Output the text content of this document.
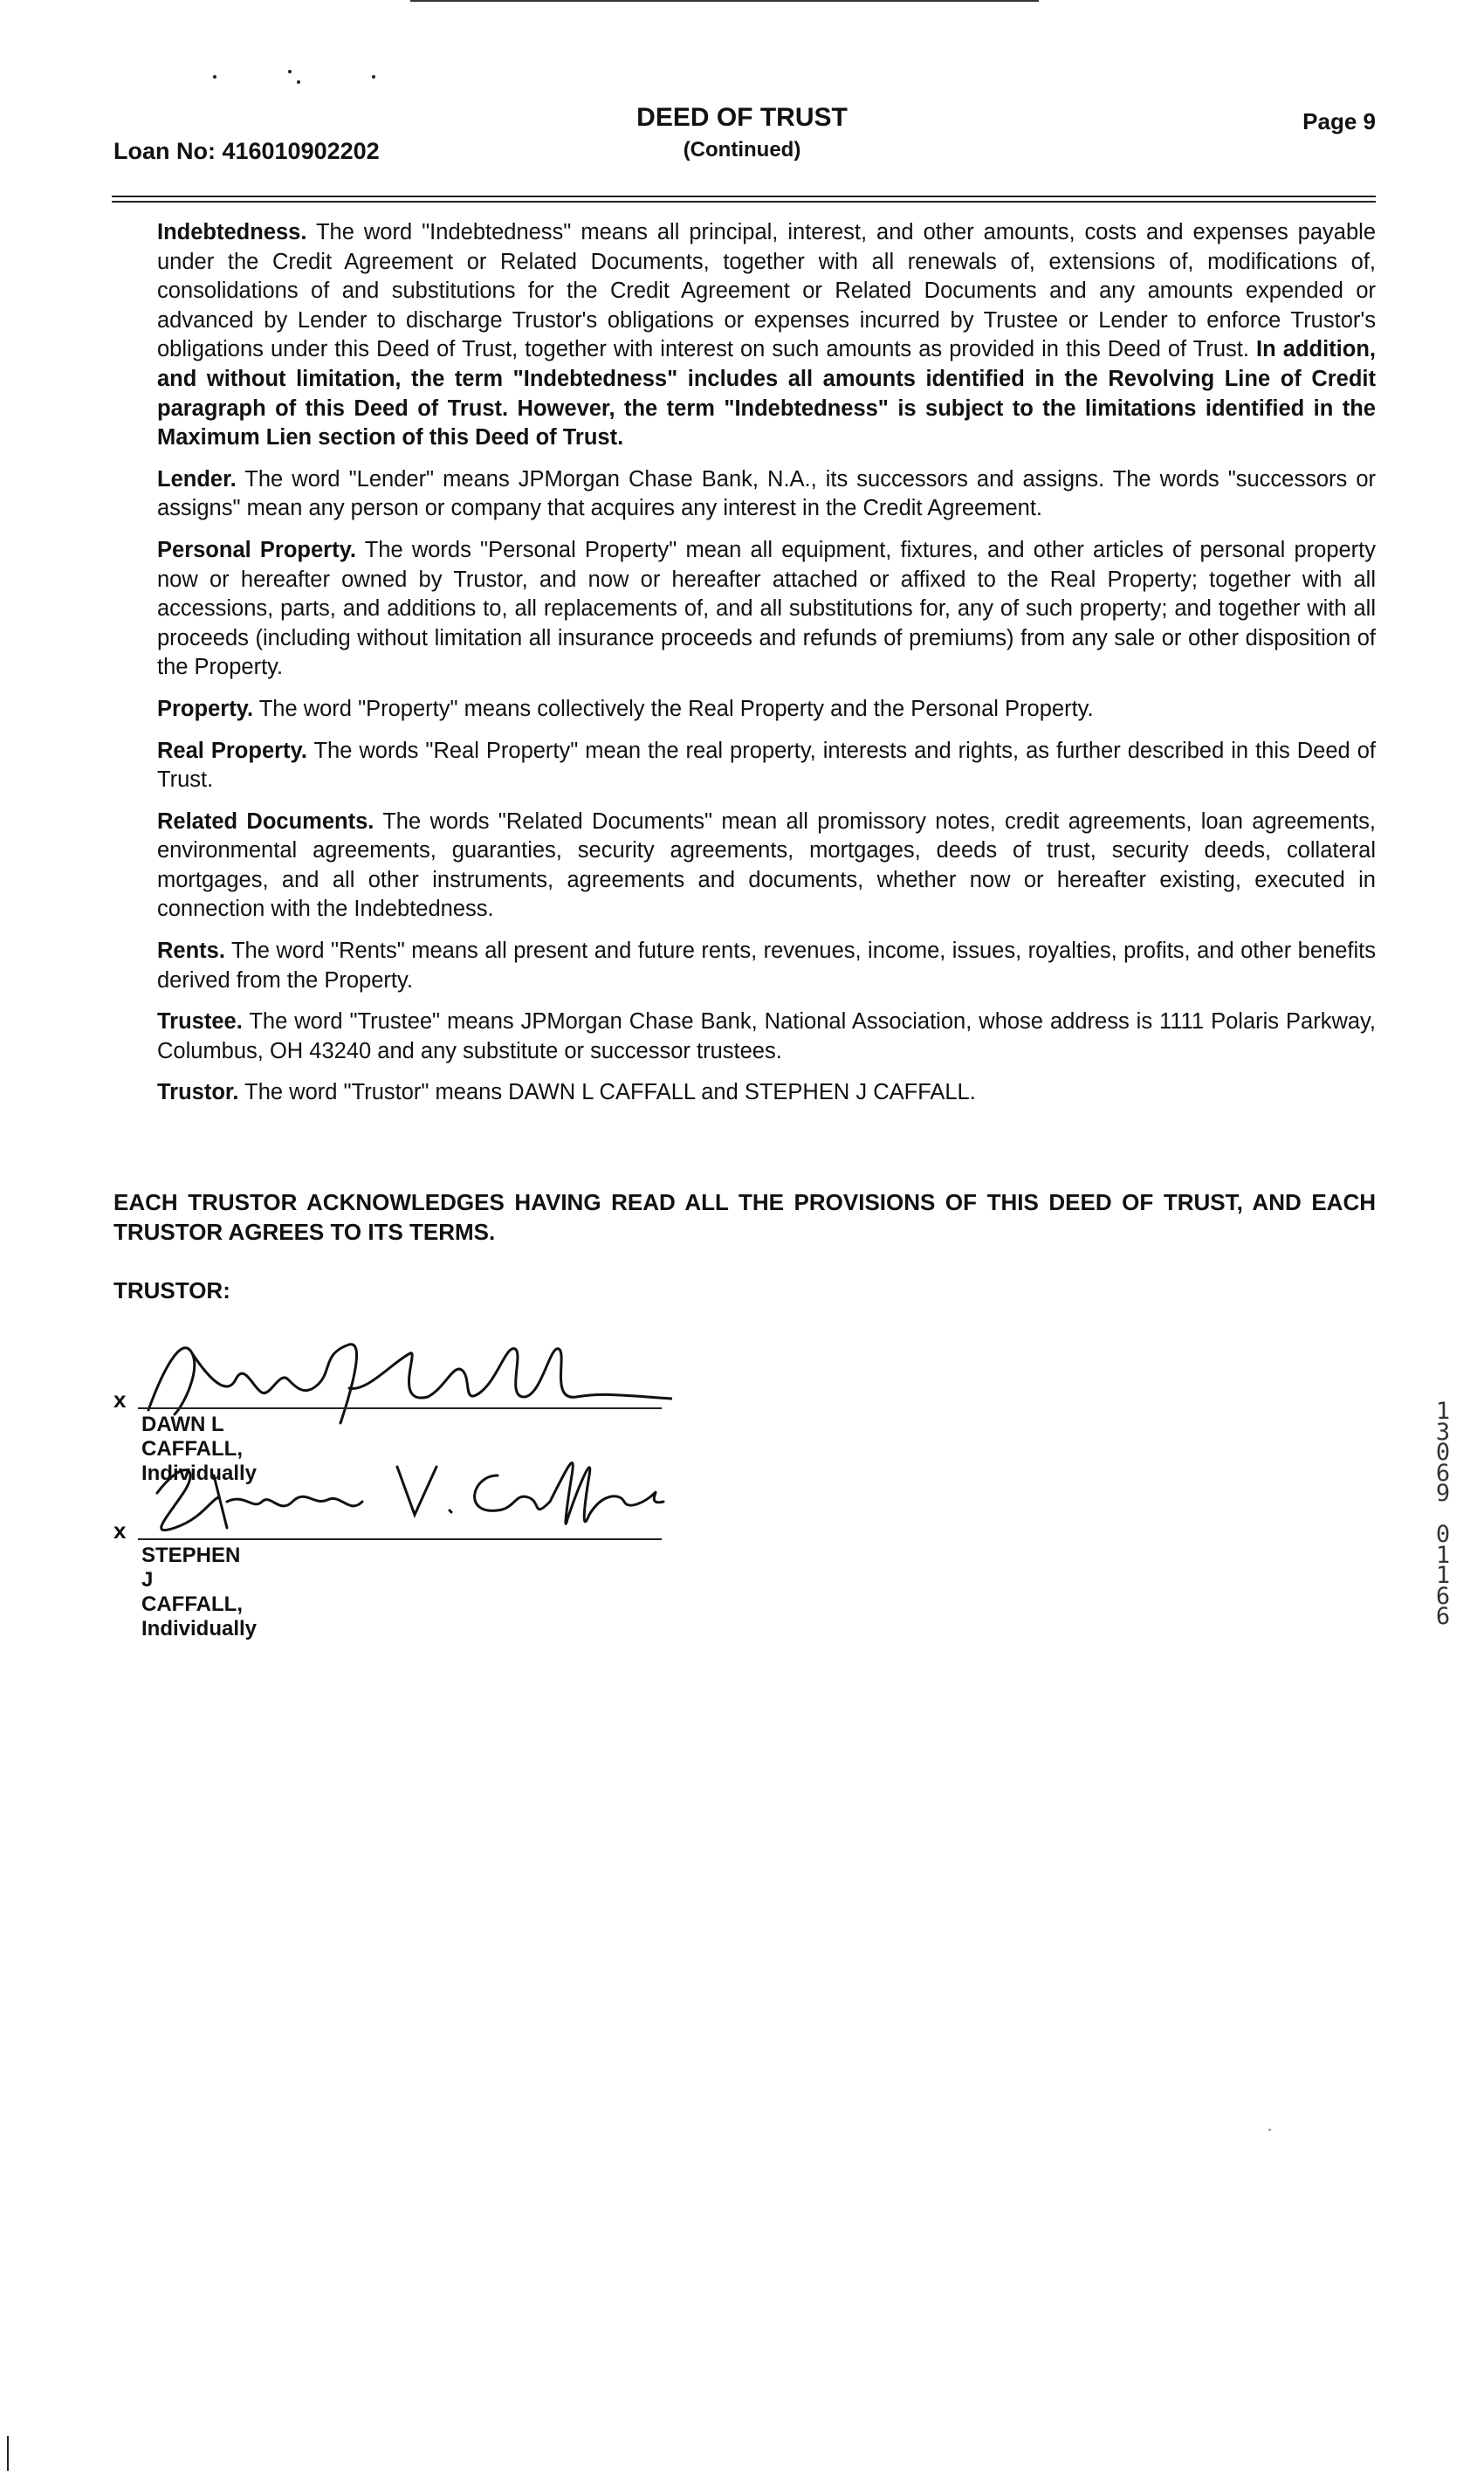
Loan No: 416010902202
DEED OF TRUST
(Continued)
Page 9

Indebtedness. The word "Indebtedness" means all principal, interest, and other amounts, costs and expenses payable under the Credit Agreement or Related Documents, together with all renewals of, extensions of, modifications of, consolidations of and substitutions for the Credit Agreement or Related Documents and any amounts expended or advanced by Lender to discharge Trustor's obligations or expenses incurred by Trustee or Lender to enforce Trustor's obligations under this Deed of Trust, together with interest on such amounts as provided in this Deed of Trust. In addition, and without limitation, the term "Indebtedness" includes all amounts identified in the Revolving Line of Credit paragraph of this Deed of Trust. However, the term "Indebtedness" is subject to the limitations identified in the Maximum Lien section of this Deed of Trust.

Lender. The word "Lender" means JPMorgan Chase Bank, N.A., its successors and assigns. The words "successors or assigns" mean any person or company that acquires any interest in the Credit Agreement.

Personal Property. The words "Personal Property" mean all equipment, fixtures, and other articles of personal property now or hereafter owned by Trustor, and now or hereafter attached or affixed to the Real Property; together with all accessions, parts, and additions to, all replacements of, and all substitutions for, any of such property; and together with all proceeds (including without limitation all insurance proceeds and refunds of premiums) from any sale or other disposition of the Property.

Property. The word "Property" means collectively the Real Property and the Personal Property.

Real Property. The words "Real Property" mean the real property, interests and rights, as further described in this Deed of Trust.

Related Documents. The words "Related Documents" mean all promissory notes, credit agreements, loan agreements, environmental agreements, guaranties, security agreements, mortgages, deeds of trust, security deeds, collateral mortgages, and all other instruments, agreements and documents, whether now or hereafter existing, executed in connection with the Indebtedness.

Rents. The word "Rents" means all present and future rents, revenues, income, issues, royalties, profits, and other benefits derived from the Property.

Trustee. The word "Trustee" means JPMorgan Chase Bank, National Association, whose address is 1111 Polaris Parkway, Columbus, OH 43240 and any substitute or successor trustees.

Trustor. The word "Trustor" means DAWN L CAFFALL and STEPHEN J CAFFALL.

EACH TRUSTOR ACKNOWLEDGES HAVING READ ALL THE PROVISIONS OF THIS DEED OF TRUST, AND EACH TRUSTOR AGREES TO ITS TERMS.
TRUSTOR:
x
DAWN L CAFFALL, Individually
x
STEPHEN J CAFFALL, Individually
1
3
0
6
9

0
1
1
6
6
